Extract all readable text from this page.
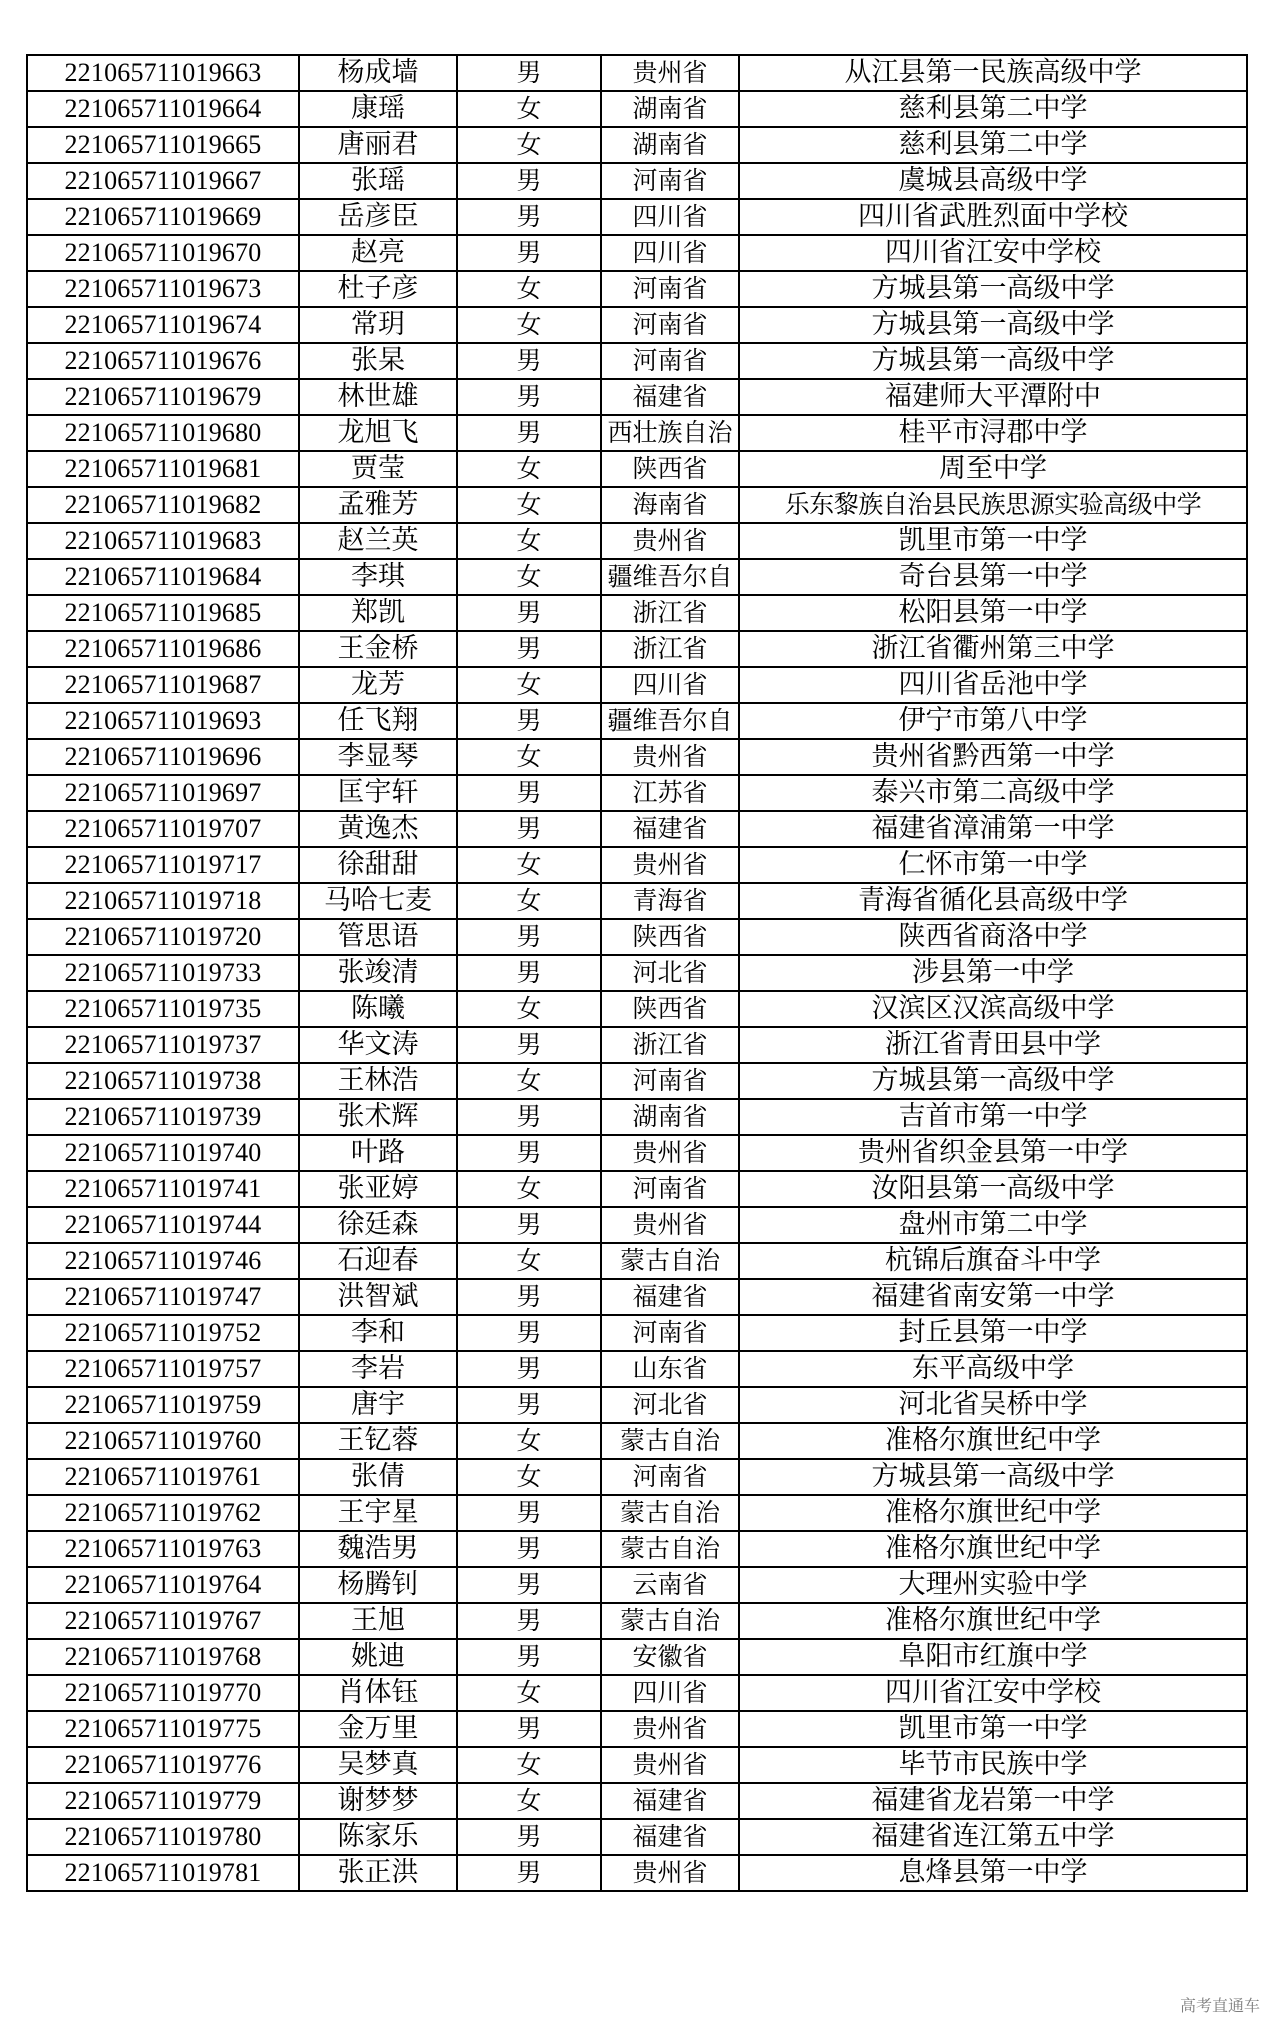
221065711019663	杨成墙	男	贵州省	从江县第一民族高级中学
221065711019664	康瑶	女	湖南省	慈利县第二中学
221065711019665	唐丽君	女	湖南省	慈利县第二中学
221065711019667	张瑶	男	河南省	虞城县高级中学
221065711019669	岳彦臣	男	四川省	四川省武胜烈面中学校
221065711019670	赵亮	男	四川省	四川省江安中学校
221065711019673	杜子彦	女	河南省	方城县第一高级中学
221065711019674	常玥	女	河南省	方城县第一高级中学
221065711019676	张杲	男	河南省	方城县第一高级中学
221065711019679	林世雄	男	福建省	福建师大平潭附中
221065711019680	龙旭飞	男	西壮族自治	桂平市浔郡中学
221065711019681	贾莹	女	陕西省	周至中学
221065711019682	孟雅芳	女	海南省	乐东黎族自治县民族思源实验高级中学
221065711019683	赵兰英	女	贵州省	凯里市第一中学
221065711019684	李琪	女	疆维吾尔自	奇台县第一中学
221065711019685	郑凯	男	浙江省	松阳县第一中学
221065711019686	王金桥	男	浙江省	浙江省衢州第三中学
221065711019687	龙芳	女	四川省	四川省岳池中学
221065711019693	任飞翔	男	疆维吾尔自	伊宁市第八中学
221065711019696	李显琴	女	贵州省	贵州省黔西第一中学
221065711019697	匡宇轩	男	江苏省	泰兴市第二高级中学
221065711019707	黄逸杰	男	福建省	福建省漳浦第一中学
221065711019717	徐甜甜	女	贵州省	仁怀市第一中学
221065711019718	马哈七麦	女	青海省	青海省循化县高级中学
221065711019720	管思语	男	陕西省	陕西省商洛中学
221065711019733	张竣清	男	河北省	涉县第一中学
221065711019735	陈曦	女	陕西省	汉滨区汉滨高级中学
221065711019737	华文涛	男	浙江省	浙江省青田县中学
221065711019738	王林浩	女	河南省	方城县第一高级中学
221065711019739	张术辉	男	湖南省	吉首市第一中学
221065711019740	叶路	男	贵州省	贵州省织金县第一中学
221065711019741	张亚婷	女	河南省	汝阳县第一高级中学
221065711019744	徐廷森	男	贵州省	盘州市第二中学
221065711019746	石迎春	女	蒙古自治	杭锦后旗奋斗中学
221065711019747	洪智斌	男	福建省	福建省南安第一中学
221065711019752	李和	男	河南省	封丘县第一中学
221065711019757	李岩	男	山东省	东平高级中学
221065711019759	唐宇	男	河北省	河北省吴桥中学
221065711019760	王钇蓉	女	蒙古自治	准格尔旗世纪中学
221065711019761	张倩	女	河南省	方城县第一高级中学
221065711019762	王宇星	男	蒙古自治	准格尔旗世纪中学
221065711019763	魏浩男	男	蒙古自治	准格尔旗世纪中学
221065711019764	杨腾钊	男	云南省	大理州实验中学
221065711019767	王旭	男	蒙古自治	准格尔旗世纪中学
221065711019768	姚迪	男	安徽省	阜阳市红旗中学
221065711019770	肖体钰	女	四川省	四川省江安中学校
221065711019775	金万里	男	贵州省	凯里市第一中学
221065711019776	吴梦真	女	贵州省	毕节市民族中学
221065711019779	谢梦梦	女	福建省	福建省龙岩第一中学
221065711019780	陈家乐	男	福建省	福建省连江第五中学
221065711019781	张正洪	男	贵州省	息烽县第一中学
高考直通车
